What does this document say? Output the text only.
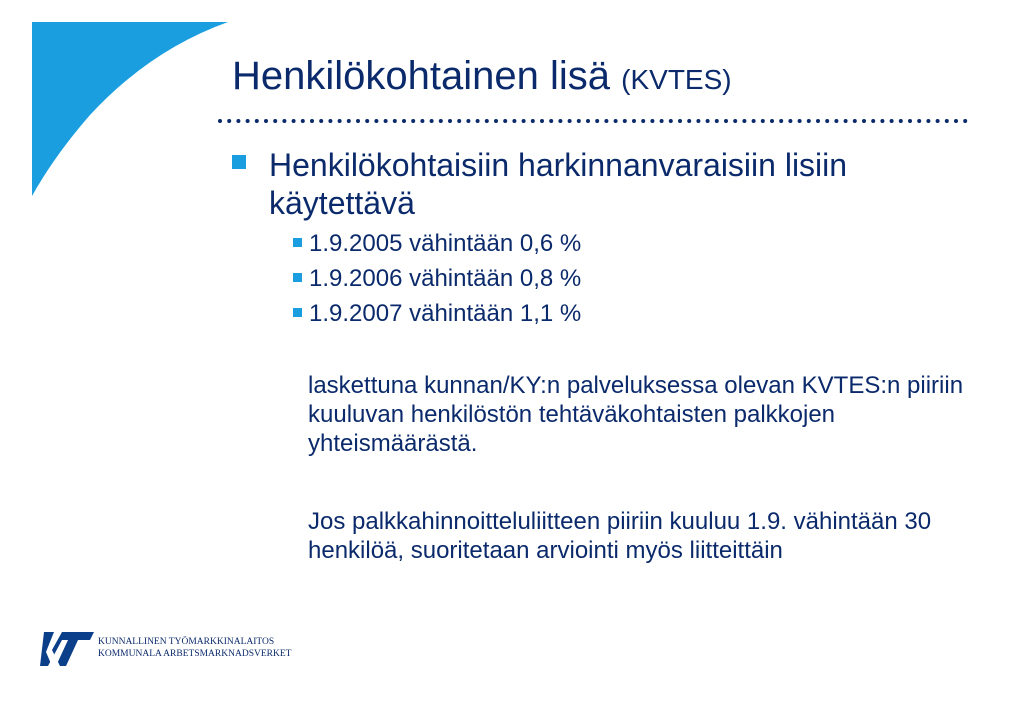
Henkilökohtainen lisä (KVTES)
Henkilökohtaisiin harkinnanvaraisiin lisiin käytettävä
1.9.2005 vähintään 0,6 %
1.9.2006 vähintään 0,8 %
1.9.2007 vähintään 1,1 %
laskettuna kunnan/KY:n palveluksessa olevan KVTES:n piiriin kuuluvan henkilöstön tehtäväkohtaisten palkkojen yhteismäärästä.
Jos palkkahinnoitteluliitteen piiriin kuuluu 1.9. vähintään 30 henkilöä, suoritetaan arviointi myös liitteittäin
KUNNALLINEN TYÖMARKKINALAITOS
KOMMUNALA ARBETSMARKNADSVERKET
